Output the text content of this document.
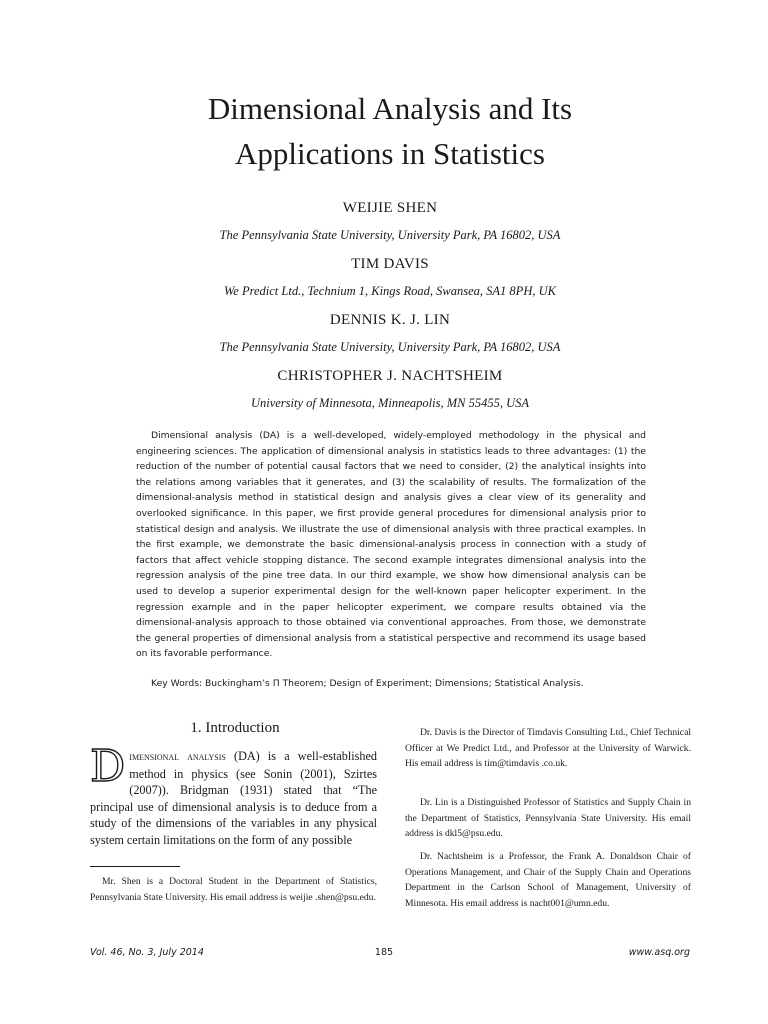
Dimensional Analysis and Its
Applications in Statistics
WEIJIE SHEN
The Pennsylvania State University, University Park, PA 16802, USA
TIM DAVIS
We Predict Ltd., Technium 1, Kings Road, Swansea, SA1 8PH, UK
DENNIS K. J. LIN
The Pennsylvania State University, University Park, PA 16802, USA
CHRISTOPHER J. NACHTSHEIM
University of Minnesota, Minneapolis, MN 55455, USA

Dimensional analysis (DA) is a well-developed, widely-employed methodology in the physical and engineering sciences. The application of dimensional analysis in statistics leads to three advantages: (1) the reduction of the number of potential causal factors that we need to consider, (2) the analytical insights into the relations among variables that it generates, and (3) the scalability of results. The formalization of the dimensional-analysis method in statistical design and analysis gives a clear view of its generality and overlooked significance. In this paper, we first provide general procedures for dimensional analysis prior to statistical design and analysis. We illustrate the use of dimensional analysis with three practical examples. In the first example, we demonstrate the basic dimensional-analysis process in connection with a study of factors that affect vehicle stopping distance. The second example integrates dimensional analysis into the regression analysis of the pine tree data. In our third example, we show how dimensional analysis can be used to develop a superior experimental design for the well-known paper helicopter experiment. In the regression example and in the paper helicopter experiment, we compare results obtained via the dimensional-analysis approach to those obtained via conventional approaches. From those, we demonstrate the general properties of dimensional analysis from a statistical perspective and recommend its usage based on its favorable performance.

Key Words: Buckingham’s Π Theorem; Design of Experiment; Dimensions; Statistical Analysis.

1. Introduction

Dimensional analysis (DA) is a well-established method in physics (see Sonin (2001), Szirtes (2007)). Bridgman (1931) stated that “The principal use of dimensional analysis is to deduce from a study of the dimensions of the variables in any physical system certain limitations on the form of any possible

Mr. Shen is a Doctoral Student in the Department of Statistics, Pennsylvania State University. His email address is weijie .shen@psu.edu.

Dr. Davis is the Director of Timdavis Consulting Ltd., Chief Technical Officer at We Predict Ltd., and Professor at the University of Warwick. His email address is tim@timdavis .co.uk.

Dr. Lin is a Distinguished Professor of Statistics and Supply Chain in the Department of Statistics, Pennsylvania State University. His email address is dkl5@psu.edu.

Dr. Nachtsheim is a Professor, the Frank A. Donaldson Chair of Operations Management, and Chair of the Supply Chain and Operations Department in the Carlson School of Management, University of Minnesota. His email address is nacht001@umn.edu.

Vol. 46, No. 3, July 2014	185	www.asq.org
